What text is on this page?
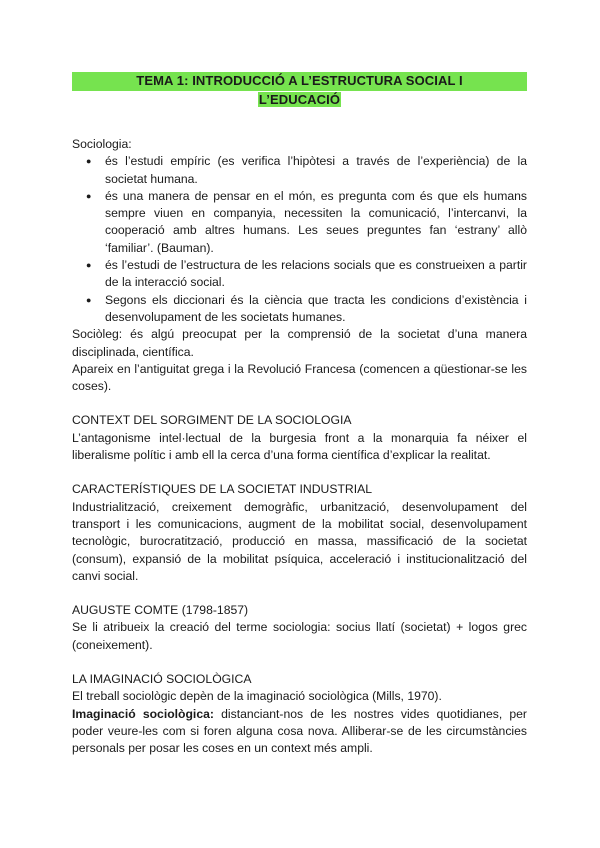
TEMA 1: INTRODUCCIÓ A L’ESTRUCTURA SOCIAL I
L’EDUCACIÓ

Sociologia:

● és l’estudi empíric (es verifica l’hipòtesi a través de l’experiència) de la societat humana.
● és una manera de pensar en el món, es pregunta com és que els humans sempre viuen en companyia, necessiten la comunicació, l’intercanvi, la cooperació amb altres humans. Les seues preguntes fan ‘estrany’ allò ‘familiar’. (Bauman).
● és l’estudi de l’estructura de les relacions socials que es construeixen a partir de la interacció social.
● Segons els diccionari és la ciència que tracta les condicions d’existència i desenvolupament de les societats humanes.

Sociòleg: és algú preocupat per la comprensió de la societat d’una manera disciplinada, científica.

Apareix en l’antiguitat grega i la Revolució Francesa (comencen a qüestionar-se les coses).

CONTEXT DEL SORGIMENT DE LA SOCIOLOGIA

L’antagonisme intel·lectual de la burgesia front a la monarquia fa néixer el liberalisme polític i amb ell la cerca d’una forma científica d’explicar la realitat.

CARACTERÍSTIQUES DE LA SOCIETAT INDUSTRIAL

Industrialització, creixement demogràfic, urbanització, desenvolupament del transport i les comunicacions, augment de la mobilitat social, desenvolupament tecnològic, burocratització, producció en massa, massificació de la societat (consum), expansió de la mobilitat psíquica, acceleració i institucionalització del canvi social.

AUGUSTE COMTE (1798-1857)

Se li atribueix la creació del terme sociologia: socius llatí (societat) + logos grec (coneixement).

LA IMAGINACIÓ SOCIOLÒGICA

El treball sociològic depèn de la imaginació sociològica (Mills, 1970).

Imaginació sociològica: distanciant-nos de les nostres vides quotidianes, per poder veure-les com si foren alguna cosa nova. Alliberar-se de les circumstàncies personals per posar les coses en un context més ampli.
